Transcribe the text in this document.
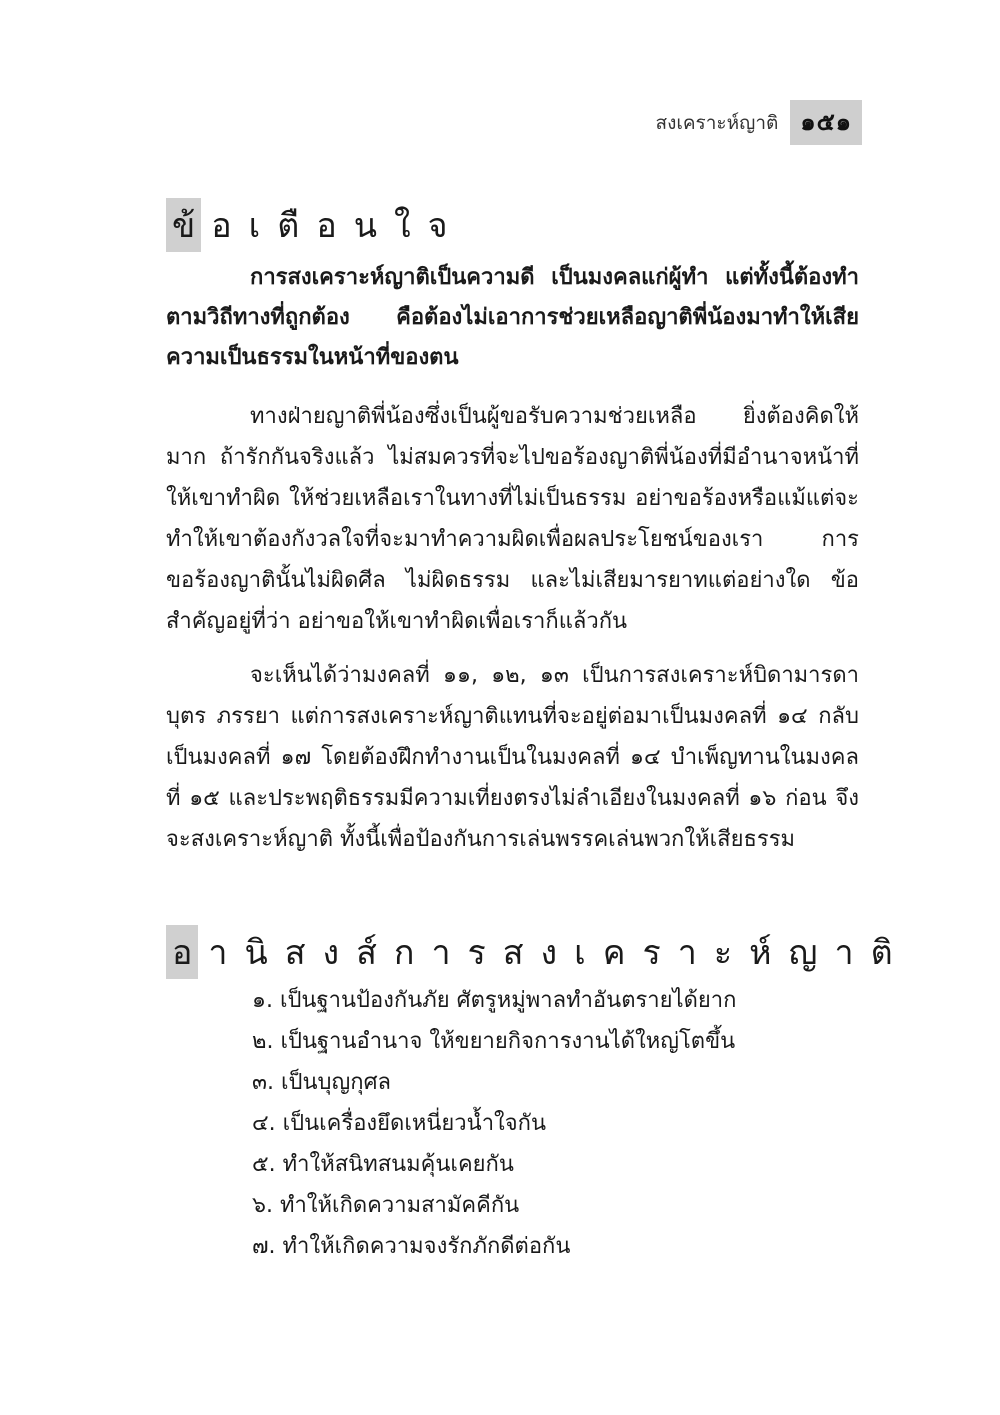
สงเคราะห์ญาติ ๑๕๑
ข้ อเตือนใจ

การสงเคราะห์ญาติเป็นความดี เป็นมงคลแก่ผู้ทำ แต่ทั้งนี้ต้องทำตามวิถีทางที่ถูกต้อง คือต้องไม่เอาการช่วยเหลือญาติพี่น้องมาทำให้เสียความเป็นธรรมในหน้าที่ของตน

ทางฝ่ายญาติพี่น้องซึ่งเป็นผู้ขอรับความช่วยเหลือ ยิ่งต้องคิดให้มาก ถ้ารักกันจริงแล้ว ไม่สมควรที่จะไปขอร้องญาติพี่น้องที่มีอำนาจหน้าที่ ให้เขาทำผิด ให้ช่วยเหลือเราในทางที่ไม่เป็นธรรม อย่าขอร้องหรือแม้แต่จะทำให้เขาต้องกังวลใจที่จะมาทำความผิดเพื่อผลประโยชน์ของเรา การขอร้องญาตินั้นไม่ผิดศีล ไม่ผิดธรรม และไม่เสียมารยาทแต่อย่างใด ข้อสำคัญอยู่ที่ว่า อย่าขอให้เขาทำผิดเพื่อเราก็แล้วกัน

จะเห็นได้ว่ามงคลที่ ๑๑, ๑๒, ๑๓ เป็นการสงเคราะห์บิดามารดา บุตร ภรรยา แต่การสงเคราะห์ญาติแทนที่จะอยู่ต่อมาเป็นมงคลที่ ๑๔ กลับเป็นมงคลที่ ๑๗ โดยต้องฝึกทำงานเป็นในมงคลที่ ๑๔ บำเพ็ญทานในมงคลที่ ๑๕ และประพฤติธรรมมีความเที่ยงตรงไม่ลำเอียงในมงคลที่ ๑๖ ก่อน จึงจะสงเคราะห์ญาติ ทั้งนี้เพื่อป้องกันการเล่นพรรคเล่นพวกให้เสียธรรม

อ านิสงส์การสงเคราะห์ญาติ
๑. เป็นฐานป้องกันภัย ศัตรูหมู่พาลทำอันตรายได้ยาก
๒. เป็นฐานอำนาจ ให้ขยายกิจการงานได้ใหญ่โตขึ้น
๓. เป็นบุญกุศล
๔. เป็นเครื่องยึดเหนี่ยวน้ำใจกัน
๕. ทำให้สนิทสนมคุ้นเคยกัน
๖. ทำให้เกิดความสามัคคีกัน
๗. ทำให้เกิดความจงรักภักดีต่อกัน
